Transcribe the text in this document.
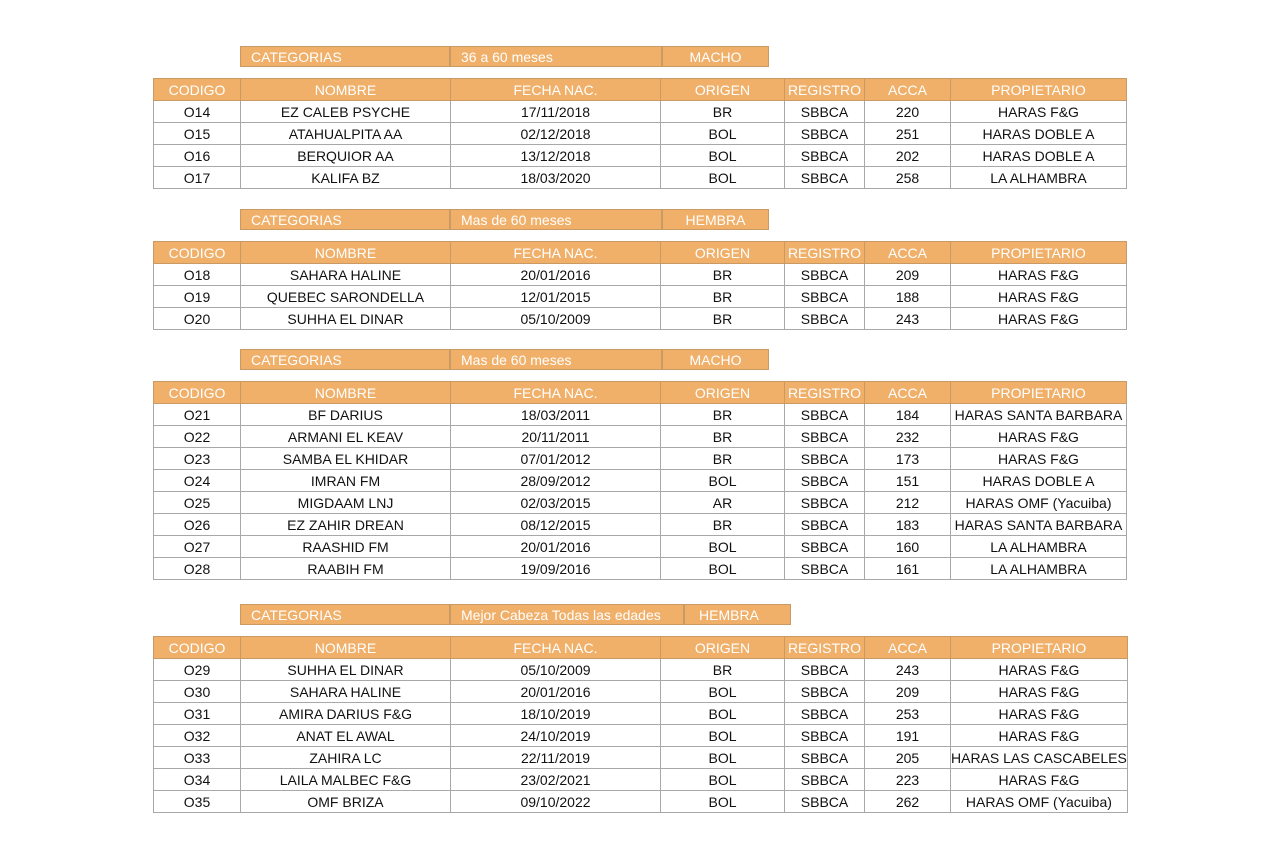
CATEGORIAS	36 a 60 meses	MACHO
CODIGO	NOMBRE	FECHA NAC.	ORIGEN	REGISTRO	ACCA	PROPIETARIO
O14	EZ CALEB PSYCHE	17/11/2018	BR	SBBCA	220	HARAS F&G
O15	ATAHUALPITA AA	02/12/2018	BOL	SBBCA	251	HARAS DOBLE A
O16	BERQUIOR AA	13/12/2018	BOL	SBBCA	202	HARAS DOBLE A
O17	KALIFA BZ	18/03/2020	BOL	SBBCA	258	LA ALHAMBRA
CATEGORIAS	Mas de 60 meses	HEMBRA
CODIGO	NOMBRE	FECHA NAC.	ORIGEN	REGISTRO	ACCA	PROPIETARIO
O18	SAHARA HALINE	20/01/2016	BR	SBBCA	209	HARAS F&G
O19	QUEBEC SARONDELLA	12/01/2015	BR	SBBCA	188	HARAS F&G
O20	SUHHA EL DINAR	05/10/2009	BR	SBBCA	243	HARAS F&G
CATEGORIAS	Mas de 60 meses	MACHO
CODIGO	NOMBRE	FECHA NAC.	ORIGEN	REGISTRO	ACCA	PROPIETARIO
O21	BF DARIUS	18/03/2011	BR	SBBCA	184	HARAS SANTA BARBARA
O22	ARMANI EL KEAV	20/11/2011	BR	SBBCA	232	HARAS F&G
O23	SAMBA EL KHIDAR	07/01/2012	BR	SBBCA	173	HARAS F&G
O24	IMRAN FM	28/09/2012	BOL	SBBCA	151	HARAS DOBLE A
O25	MIGDAAM LNJ	02/03/2015	AR	SBBCA	212	HARAS OMF (Yacuiba)
O26	EZ ZAHIR DREAN	08/12/2015	BR	SBBCA	183	HARAS SANTA BARBARA
O27	RAASHID FM	20/01/2016	BOL	SBBCA	160	LA ALHAMBRA
O28	RAABIH FM	19/09/2016	BOL	SBBCA	161	LA ALHAMBRA
CATEGORIAS	Mejor Cabeza Todas las edades	HEMBRA
CODIGO	NOMBRE	FECHA NAC.	ORIGEN	REGISTRO	ACCA	PROPIETARIO
O29	SUHHA EL DINAR	05/10/2009	BR	SBBCA	243	HARAS F&G
O30	SAHARA HALINE	20/01/2016	BOL	SBBCA	209	HARAS F&G
O31	AMIRA DARIUS F&G	18/10/2019	BOL	SBBCA	253	HARAS F&G
O32	ANAT EL AWAL	24/10/2019	BOL	SBBCA	191	HARAS F&G
O33	ZAHIRA LC	22/11/2019	BOL	SBBCA	205	HARAS LAS CASCABELES
O34	LAILA MALBEC F&G	23/02/2021	BOL	SBBCA	223	HARAS F&G
O35	OMF BRIZA	09/10/2022	BOL	SBBCA	262	HARAS OMF (Yacuiba)
